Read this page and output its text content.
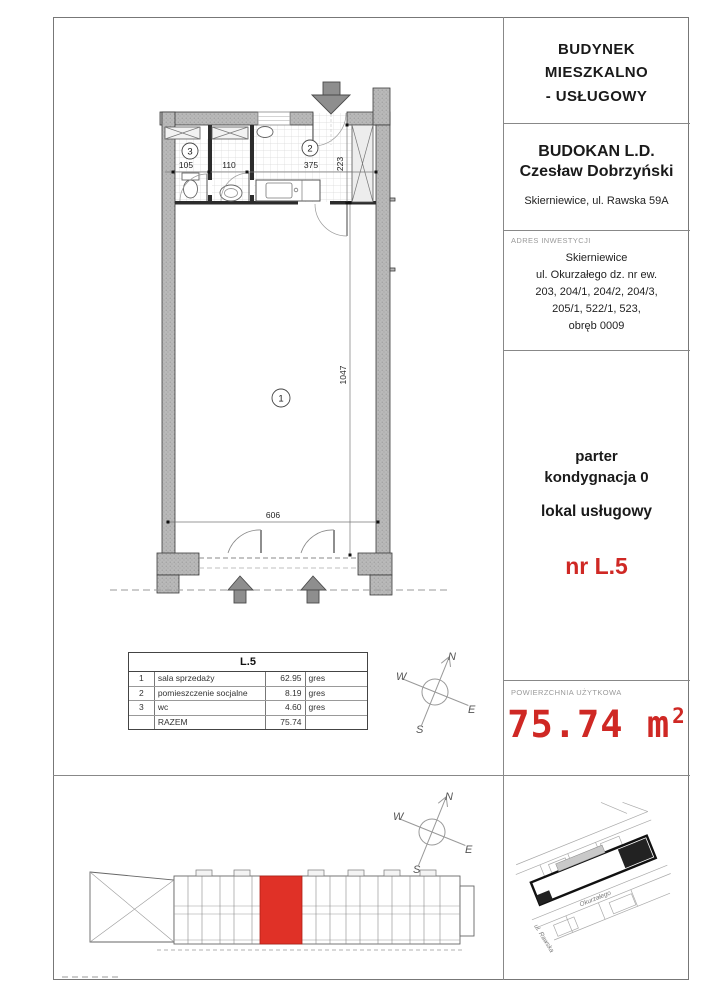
105	110	375 223
1047
606
3	2
1
L.5
1	sala sprzedaży	62.95 gres
2	pomieszczenie socjalne	8.19 gres
3	wc	4.60 gres
RAZEM	75.74
N
W
E
S
N
W
E
S
BUDYNEK
MIESZKALNO
- USŁUGOWY
BUDOKAN L.D.
Czesław Dobrzyński
Skierniewice, ul. Rawska 59A
ADRES INWESTYCJI
Skierniewice
ul. Okurzałego dz. nr ew.
203, 204/1, 204/2, 204/3,
205/1, 522/1, 523,
obręb 0009
parter
kondygnacja 0
lokal usługowy
nr L.5
POWIERZCHNIA UŻYTKOWA
75.74 $m^2$
Okurzałego
ul. Rawska
